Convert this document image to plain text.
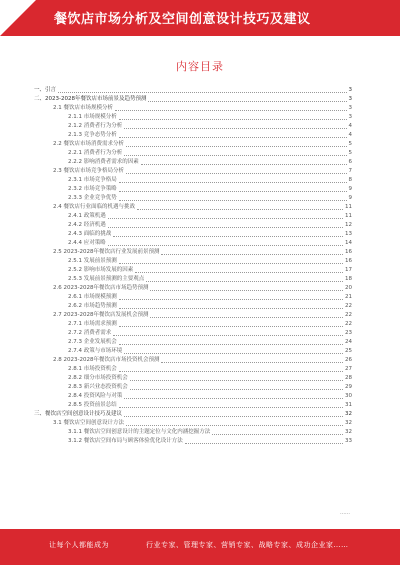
餐饮店市场分析及空间创意设计技巧及建议
内容目录
一、引言	3
二、2023-2028年餐饮店市场前景及趋势预测	3
2.1 餐饮店市场规模分析	3
2.1.1 市场规模分析	3
2.1.2 消费者行为分析	4
2.1.3 竞争态势分析	4
2.2 餐饮店市场消费需求分析	5
2.2.1 消费者行为分析	5
2.2.2 影响消费者需求的因素	6
2.3 餐饮店市场竞争格局分析	7
2.3.1 市场竞争格局	8
2.3.2 市场竞争策略	9
2.3.3 企业竞争优势	9
2.4 餐饮店行业面临的机遇与挑战	11
2.4.1 政策机遇	11
2.4.2 经济机遇	12
2.4.3 面临的挑战	13
2.4.4 应对策略	14
2.5 2023-2028年餐饮店行业发展前景预测	16
2.5.1 发展前景预测	16
2.5.2 影响市场发展的因素	17
2.5.3 发展前景预测的主要观点	18
2.6 2023-2028年餐饮店市场趋势预测	20
2.6.1 市场规模预测	21
2.6.2 市场趋势预测	22
2.7 2023-2028年餐饮店发展机会预测	22
2.7.1 市场需求预测	22
2.7.2 消费者需求	23
2.7.3 企业发展机会	24
2.7.4 政策与市场环境	25
2.8 2023-2028年餐饮店市场投资机会预测	26
2.8.1 市场投资机会	27
2.8.2 细分市场投资机会	28
2.8.3 新兴业态投资机会	29
2.8.4 投资风险与对策	30
2.8.5 投资前景总结	31
三、餐饮店空间创意设计技巧及建议	32
3.1 餐饮店空间创意设计方法	32
3.1.1 餐饮店空间创意设计的主题定位与文化内涵挖掘方法	32
3.1.2 餐饮店空间布局与顾客体验优化设计方法	33
……
让每个人都能成为	行业专家、管理专家、营销专家、战略专家、成功企业家……
